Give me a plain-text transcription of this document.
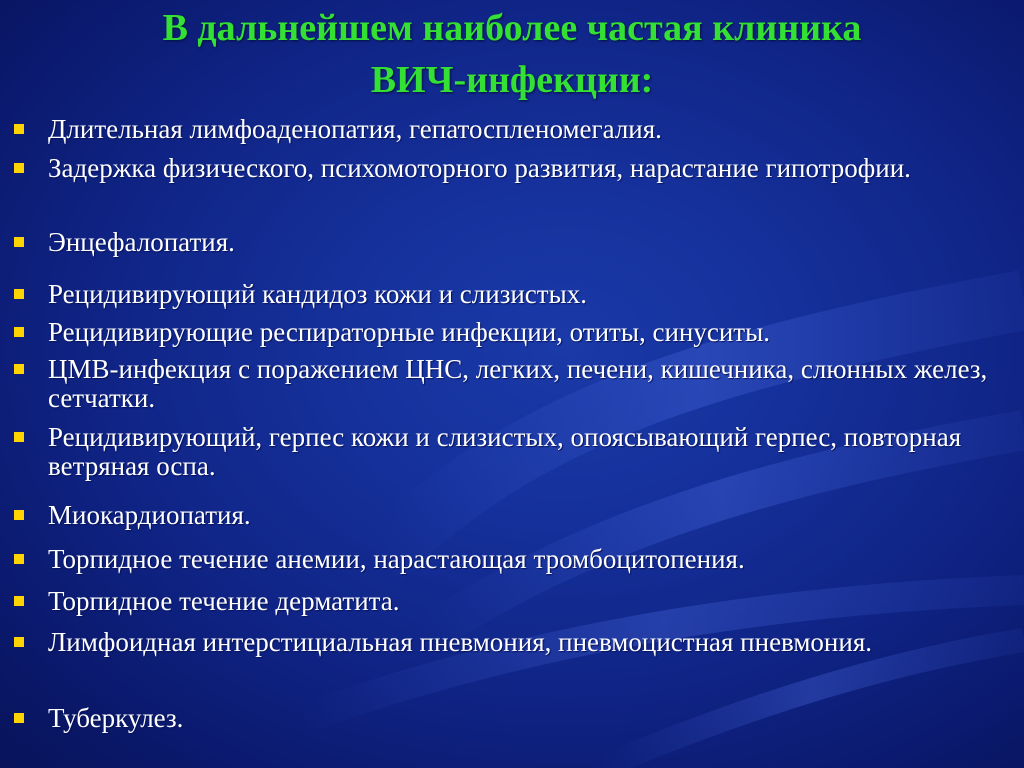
В дальнейшем наиболее частая клиника
ВИЧ-инфекции:
Длительная лимфоаденопатия, гепатоспленомегалия.
Задержка физического, психомоторного развития, нарастание гипотрофии.
Энцефалопатия.
Рецидивирующий кандидоз кожи и слизистых.
Рецидивирующие респираторные инфекции, отиты, синуситы.
ЦМВ-инфекция с поражением ЦНС, легких, печени, кишечника, слюнных желез, сетчатки.
Рецидивирующий, герпес кожи и слизистых, опоясывающий герпес, повторная ветряная оспа.
Миокардиопатия.
Торпидное течение анемии, нарастающая тромбоцитопения.
Торпидное течение дерматита.
Лимфоидная интерстициальная пневмония, пневмоцистная пневмония.
Туберкулез.
